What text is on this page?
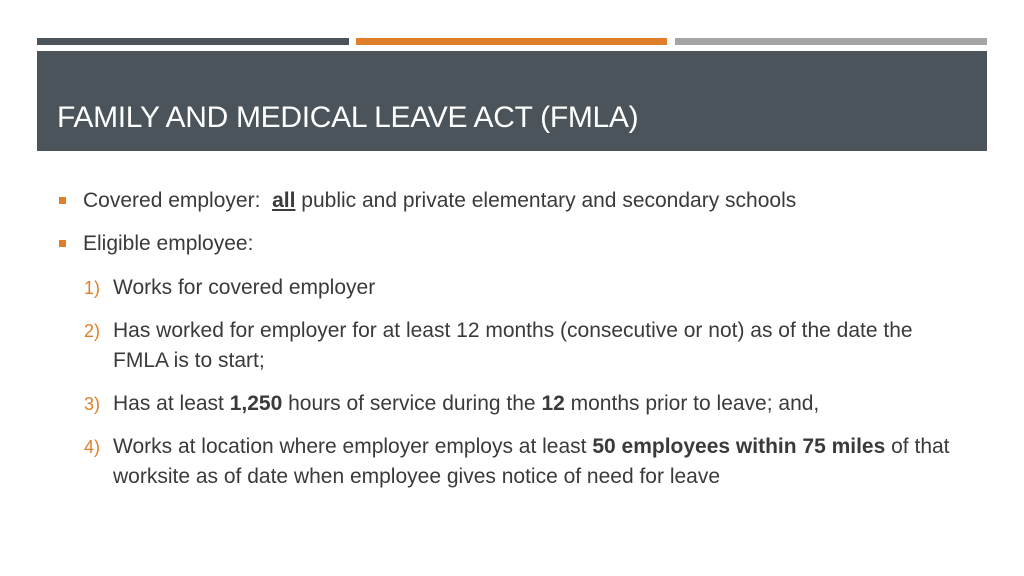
FAMILY AND MEDICAL LEAVE ACT (FMLA)
Covered employer:  all public and private elementary and secondary schools
Eligible employee:
1) Works for covered employer
2) Has worked for employer for at least 12 months (consecutive or not) as of the date the FMLA is to start;
3) Has at least 1,250 hours of service during the 12 months prior to leave; and,
4) Works at location where employer employs at least 50 employees within 75 miles of that worksite as of date when employee gives notice of need for leave
